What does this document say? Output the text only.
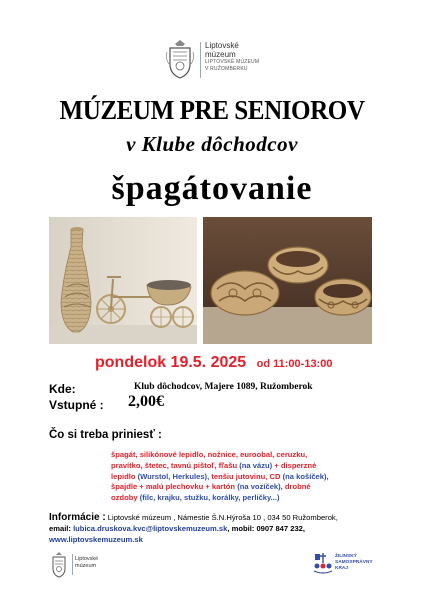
Liptovské
múzeum
LIPTOVSKÉ MÚZEUM
V RUŽOMBERKU
MÚZEUM PRE SENIOROV
v Klube dôchodcov
špagátovanie
pondelok 19.5. 2025 od 11:00-13:00
Kde:	Klub dôchodcov, Majere 1089, Ružomberok
Vstupné : 2,00€
Čo si treba priniesť :
špagát, silikónové lepidlo, nožnice, euroobal, ceruzku,
pravítko, štetec, tavnú pištoľ, fľašu (na vázu) + disperzné
lepidlo (Wurstol, Herkules), tenšiu jutovinu, CD (na košíček),
špajdle + malú plechovku + kartón (na vozíček), drobné
ozdoby (filc, krajku, stužku, korálky, perličky...)
Informácie : Liptovské múzeum , Námestie Š.N.Hýroša 10 , 034 50 Ružomberok,
email: lubica.druskova.kvc@liptovskemuzeum.sk, mobil: 0907 847 232,
www.liptovskemuzeum.sk
Liptovské
múzeum
ŽILINSKÝ
SAMOSPRÁVNY
KRAJ
